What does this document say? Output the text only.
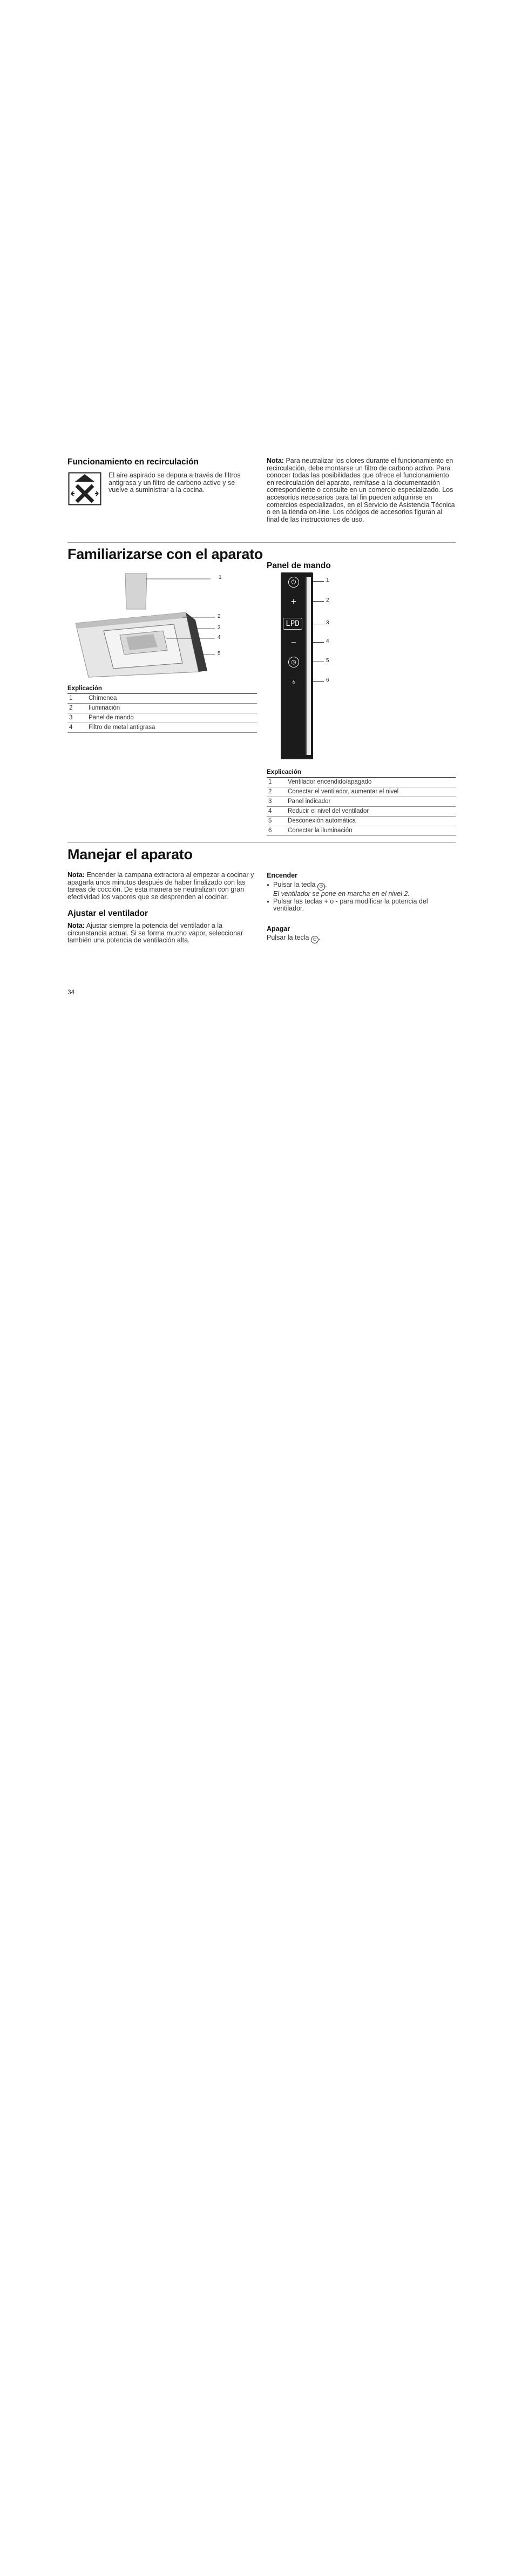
Funcionamiento en recirculación
El aire aspirado se depura a través de filtros antigrasa y un filtro de carbono activo y se vuelve a suministrar a la cocina.
Nota: Para neutralizar los olores durante el funcionamiento en recirculación, debe montarse un filtro de carbono activo. Para conocer todas las posibilidades que ofrece el funcionamiento en recirculación del aparato, remítase a la documentación correspondiente o consulte en un comercio especializado. Los accesorios necesarios para tal fin pueden adquirirse en comercios especializados, en el Servicio de Asistencia Técnica o en la tienda on-line. Los códigos de accesorios figuran al final de las instrucciones de uso.
Familiarizarse con el aparato
1
2
3
4
5
Explicación	
1	Chimenea
2	Iluminación
3	Panel de mando
4	Filtro de metal antigrasa
Panel de mando
⏻
+
LPD
−
◷
♁
1
2
3
4
5
6
Explicación	
1	Ventilador encendido/apagado
2	Conectar el ventilador, aumentar el nivel
3	Panel indicador
4	Reducir el nivel del ventilador
5	Desconexión automática
6	Conectar la iluminación
Manejar el aparato
Nota: Encender la campana extractora al empezar a cocinar y apagarla unos minutos después de haber finalizado con las tareas de cocción. De esta manera se neutralizan con gran efectividad los vapores que se desprenden al cocinar.
Ajustar el ventilador
Nota: Ajustar siempre la potencia del ventilador a la circunstancia actual. Si se forma mucho vapor, seleccionar también una potencia de ventilación alta.
Encender
● Pulsar la tecla ⏻ .
El ventilador se pone en marcha en el nivel 2.
● Pulsar las teclas + o - para modificar la potencia del ventilador.
Apagar
Pulsar la tecla ⏻ .
34
